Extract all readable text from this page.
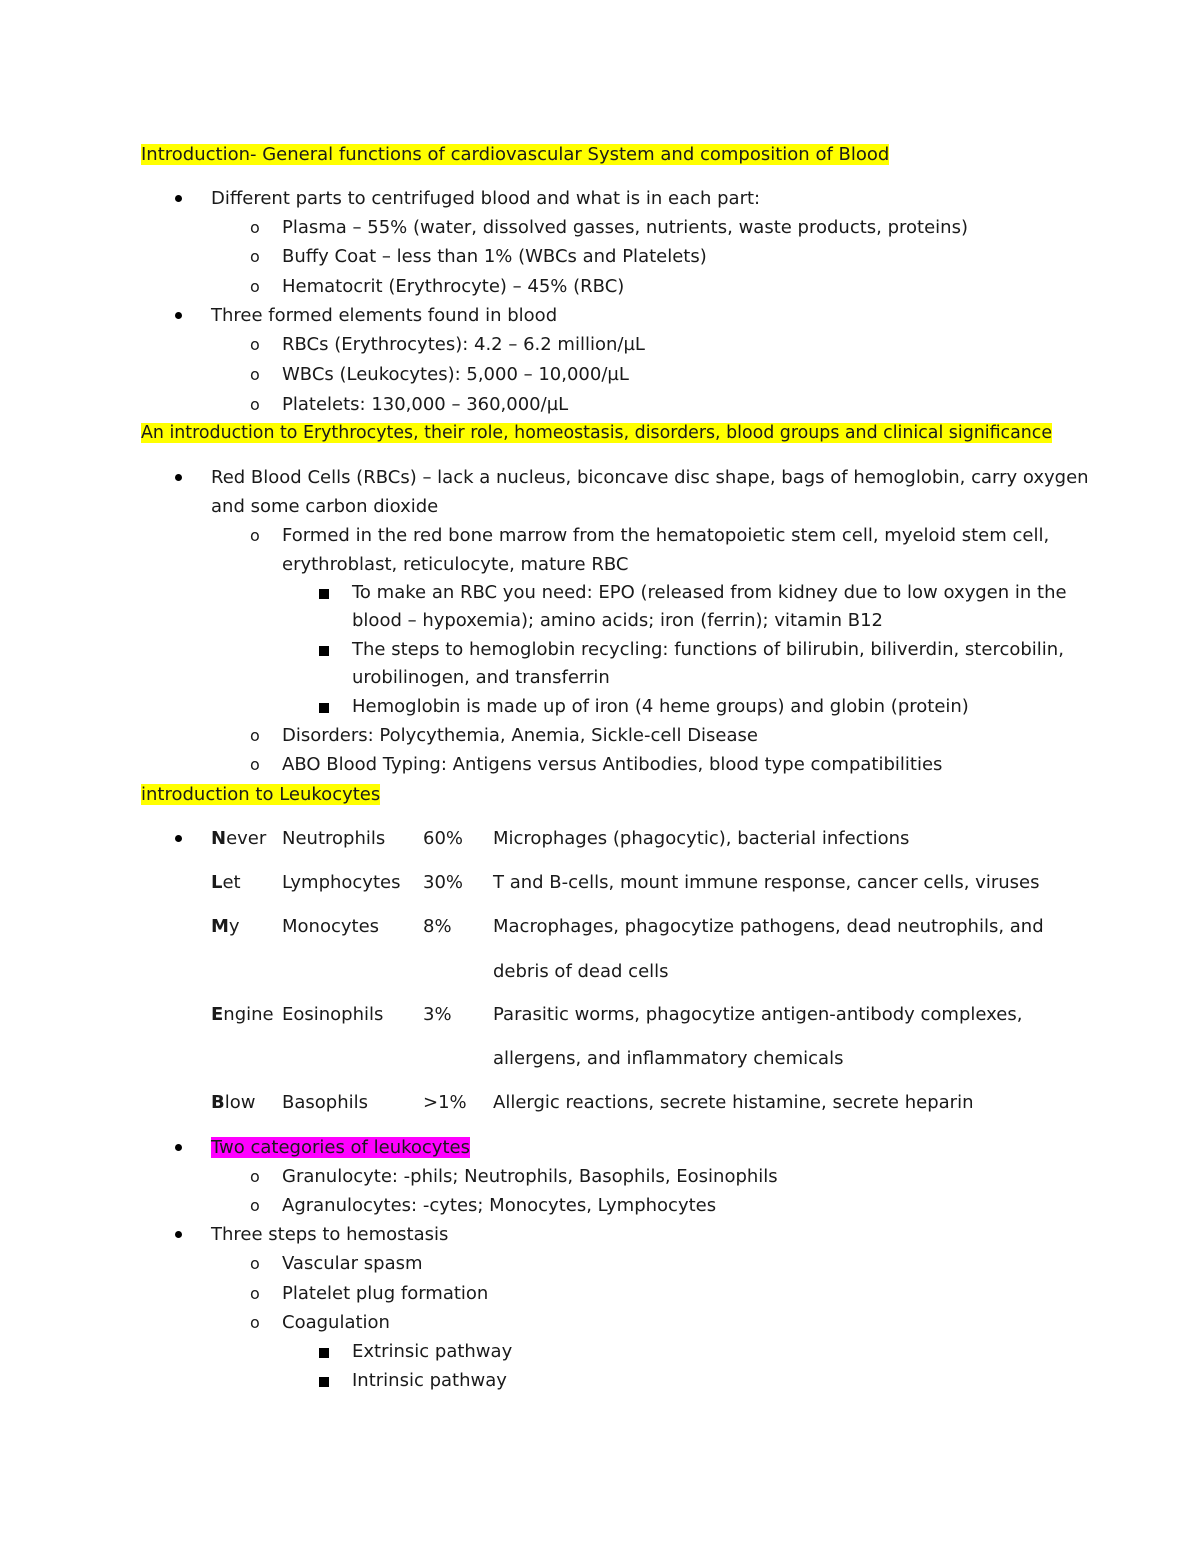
Introduction- General functions of cardiovascular System and composition of Blood
Different parts to centrifuged blood and what is in each part:
o Plasma – 55% (water, dissolved gasses, nutrients, waste products, proteins)
o Buffy Coat – less than 1% (WBCs and Platelets)
o Hematocrit (Erythrocyte) – 45% (RBC)
Three formed elements found in blood
o RBCs (Erythrocytes): 4.2 – 6.2 million/µL
o WBCs (Leukocytes): 5,000 – 10,000/µL
o Platelets: 130,000 – 360,000/µL
An introduction to Erythrocytes, their role, homeostasis, disorders, blood groups and clinical significance
Red Blood Cells (RBCs) – lack a nucleus, biconcave disc shape, bags of hemoglobin, carry oxygen
and some carbon dioxide
o Formed in the red bone marrow from the hematopoietic stem cell, myeloid stem cell,
erythroblast, reticulocyte, mature RBC
To make an RBC you need: EPO (released from kidney due to low oxygen in the
blood – hypoxemia); amino acids; iron (ferrin); vitamin B12
The steps to hemoglobin recycling: functions of bilirubin, biliverdin, stercobilin,
urobilinogen, and transferrin
Hemoglobin is made up of iron (4 heme groups) and globin (protein)
o Disorders: Polycythemia, Anemia, Sickle-cell Disease
o ABO Blood Typing: Antigens versus Antibodies, blood type compatibilities
introduction to Leukocytes
Never Neutrophils 60% Microphages (phagocytic), bacterial infections
Let Lymphocytes 30% T and B-cells, mount immune response, cancer cells, viruses
My Monocytes 8% Macrophages, phagocytize pathogens, dead neutrophils, and
debris of dead cells
Engine Eosinophils 3% Parasitic worms, phagocytize antigen-antibody complexes,
allergens, and inflammatory chemicals
Blow Basophils	>1% Allergic reactions, secrete histamine, secrete heparin
Two categories of leukocytes
o Granulocyte: -phils; Neutrophils, Basophils, Eosinophils
o Agranulocytes: -cytes; Monocytes, Lymphocytes
Three steps to hemostasis
o Vascular spasm
o Platelet plug formation
o Coagulation
Extrinsic pathway
Intrinsic pathway
